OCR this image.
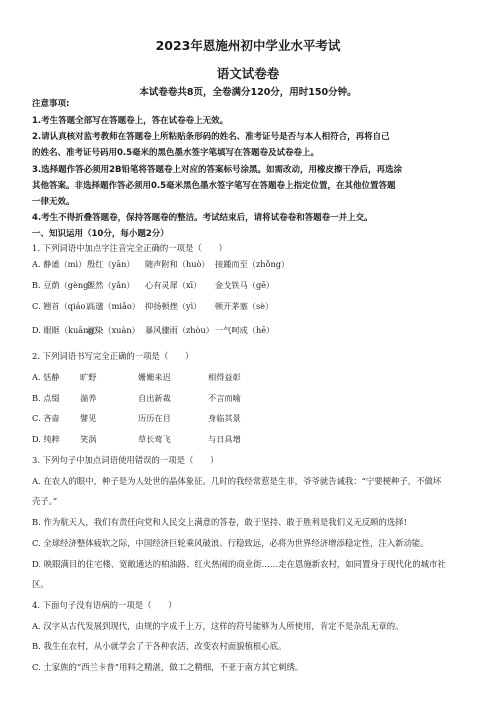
2023年恩施州初中学业水平考试
语文试卷卷
本试卷卷共8页，全卷满分120分，用时150分钟。
注意事项:
1.考生答题全部写在答题卷上，答在试卷卷上无效。
2.请认真核对监考教师在答题卷上所粘贴条形码的姓名、准考证号是否与本人相符合，再将自己
的姓名、准考证号码用0.5毫米的黑色墨水签字笔填写在答题卷及试卷卷上。
3.选择题作答必须用2B铅笔将答题卷上对应的答案标号涂黑。如需改动，用橡皮擦干净后，再选涂
其他答案。非选择题作答必须用0.5毫米黑色墨水签字笔写在答题卷上指定位置，在其他位置答题
一律无效。
4.考生不得折叠答题卷，保持答题卷的整洁。考试结束后，请将试卷卷和答题卷一并上交。
一、知识运用（10分，每小题2分）
1. 下列词语中加点字注音完全正确的一项是（　　）
A. 静谧（mì）殷红（yān） 随声附和（huò） 接踵而至（zhǒng）
B. 豆荫（gèng）铿然（yǎn） 心有灵犀（xī） 金戈铁马（gē）
C. 翘首（qiáo）高邈（miǎo） 抑扬顿挫（yì） 顿开茅塞（sè）
D. 眼眶（kuāng）渲染（xuàn） 暴风骤雨（zhòu）一气呵成（hē）
2. 下列词语书写完全正确的一项是（　　）
A. 恬静	旷野	姗姗来迟	相得益彰
B. 点缀 湍养	自出新裁	不言而喻
C. 吝啬 譬见	历历在目	身临其景
D. 纯粹 笑涡	草长莺飞	与日具增
3. 下列句子中加点词语使用错误的一项是（　　）
A. 在农人的眼中，种子是为人处世的晶体象征。几时的我经常惹是生非，爷爷就告诫我：“宁要梗种子，不做坏
壳子。”
B. 作为航天人，我们有责任向党和人民交上满意的答卷，敢于坚持、敢于胜利是我们义无反顾的选择!
C. 全球经济整体疲软之际，中国经济巨轮乘风破浪、行稳致远，必将为世界经济增添稳定性，注入新动能。
D. 映眼满目的住宅楼、宽敞通达的柏油路、红火热闹的商业街……走在恩施新农村，如同置身于现代化的城市社
区。
4. 下面句子没有语病的一项是（　　）
A. 汉字从古代发展到现代，由规的字成千上万，这样的符号能够为人所使用，肯定不是杂乱无章的。
B. 我生在农村，从小就学会了干各种农活，改变农村面貌植根心底。
C. 土家族的“西兰卡普”用料之精湛，做工之精细，不亚于南方其它刺绣。
